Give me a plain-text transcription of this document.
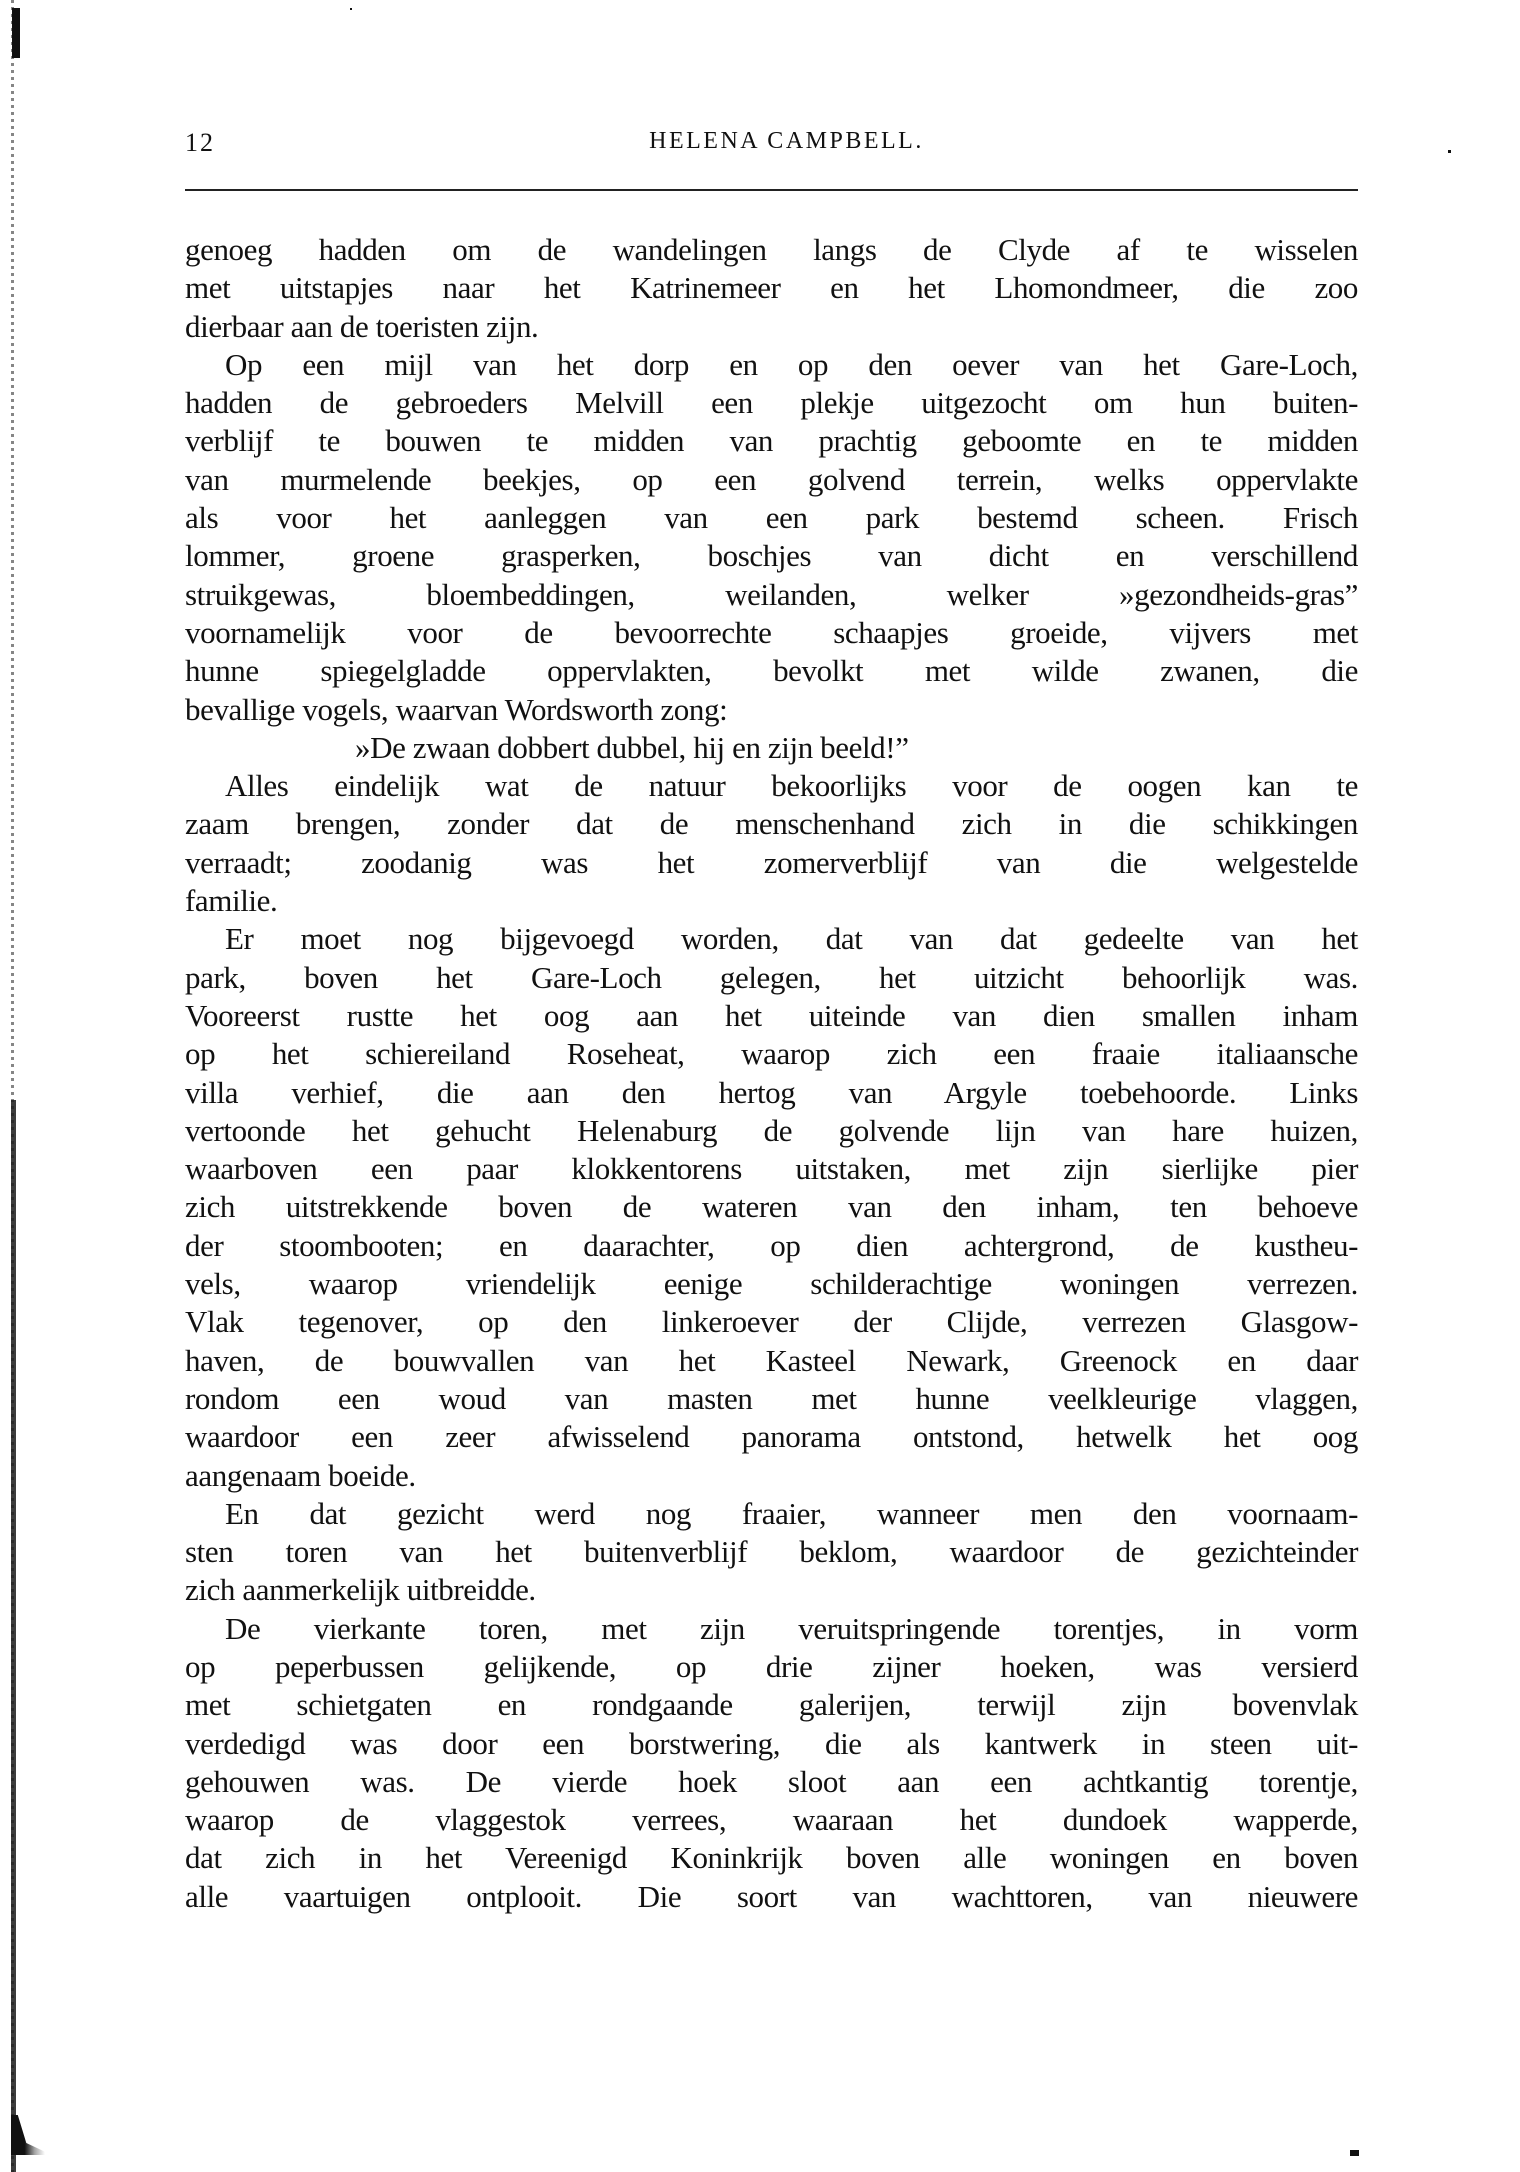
12	HELENA CAMPBELL.
genoeg hadden om de wandelingen langs de Clyde af te wisselen
met uitstapjes naar het Katrinemeer en het Lhomondmeer, die zoo
dierbaar aan de toeristen zijn.
Op een mijl van het dorp en op den oever van het Gare-Loch,
hadden de gebroeders Melvill een plekje uitgezocht om hun buiten-
verblijf te bouwen te midden van prachtig geboomte en te midden
van murmelende beekjes, op een golvend terrein, welks oppervlakte
als voor het aanleggen van een park bestemd scheen. Frisch
lommer, groene grasperken, boschjes van dicht en verschillend
struikgewas, bloembeddingen, weilanden, welker »gezondheids-gras”
voornamelijk voor de bevoorrechte schaapjes groeide, vijvers met
hunne spiegelgladde oppervlakten, bevolkt met wilde zwanen, die
bevallige vogels, waarvan Wordsworth zong:
»De zwaan dobbert dubbel, hij en zijn beeld!”
Alles eindelijk wat de natuur bekoorlijks voor de oogen kan te
zaam brengen, zonder dat de menschenhand zich in die schikkingen
verraadt; zoodanig was het zomerverblijf van die welgestelde
familie.
Er moet nog bijgevoegd worden, dat van dat gedeelte van het
park, boven het Gare-Loch gelegen, het uitzicht behoorlijk was.
Vooreerst rustte het oog aan het uiteinde van dien smallen inham
op het schiereiland Roseheat, waarop zich een fraaie italiaansche
villa verhief, die aan den hertog van Argyle toebehoorde. Links
vertoonde het gehucht Helenaburg de golvende lijn van hare huizen,
waarboven een paar klokkentorens uitstaken, met zijn sierlijke pier
zich uitstrekkende boven de wateren van den inham, ten behoeve
der stoombooten; en daarachter, op dien achtergrond, de kustheu-
vels, waarop vriendelijk eenige schilderachtige woningen verrezen.
Vlak tegenover, op den linkeroever der Clijde, verrezen Glasgow-
haven, de bouwvallen van het Kasteel Newark, Greenock en daar
rondom een woud van masten met hunne veelkleurige vlaggen,
waardoor een zeer afwisselend panorama ontstond, hetwelk het oog
aangenaam boeide.
En dat gezicht werd nog fraaier, wanneer men den voornaam-
sten toren van het buitenverblijf beklom, waardoor de gezichteinder
zich aanmerkelijk uitbreidde.
De vierkante toren, met zijn veruitspringende torentjes, in vorm
op peperbussen gelijkende, op drie zijner hoeken, was versierd
met schietgaten en rondgaande galerijen, terwijl zijn bovenvlak
verdedigd was door een borstwering, die als kantwerk in steen uit-
gehouwen was. De vierde hoek sloot aan een achtkantig torentje,
waarop de vlaggestok verrees, waaraan het dundoek wapperde,
dat zich in het Vereenigd Koninkrijk boven alle woningen en boven
alle vaartuigen ontplooit. Die soort van wachttoren, van nieuwere
